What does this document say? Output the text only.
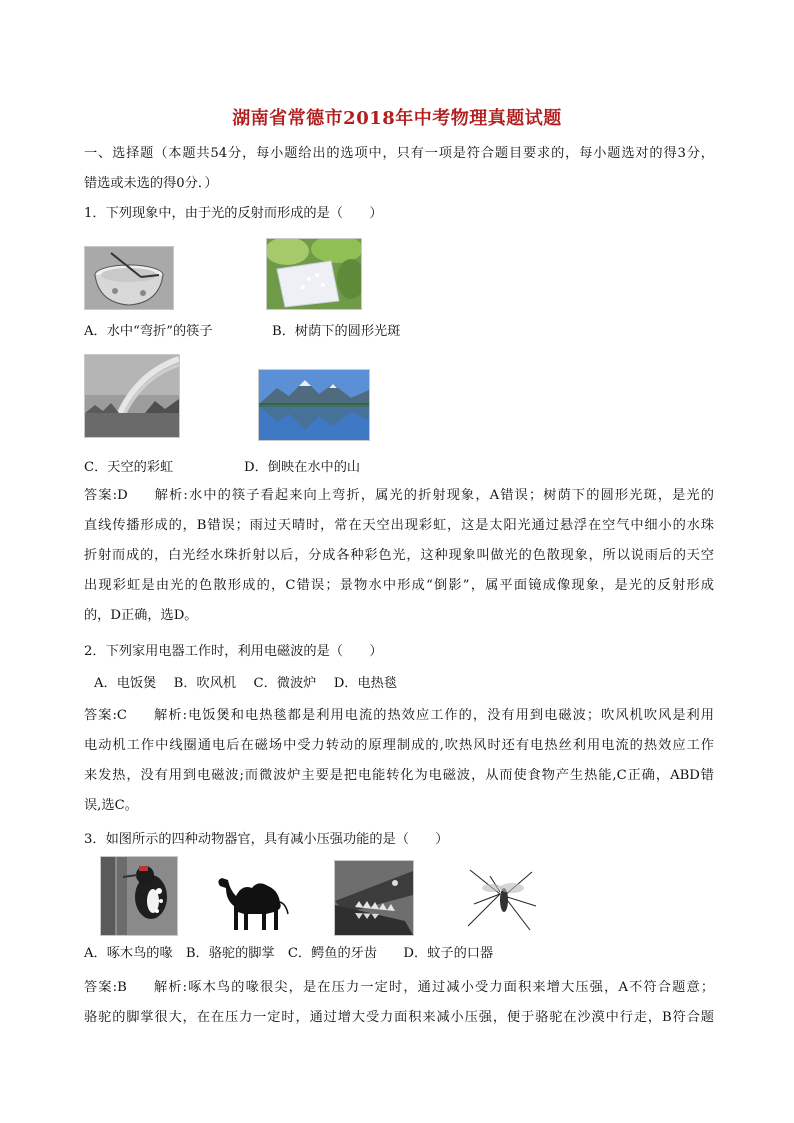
湖南省常德市2018年中考物理真题试题
一、选择题（本题共54分，每小题给出的选项中，只有一项是符合题目要求的，每小题选对的得3分，
错选或未选的得0分．）
1．下列现象中，由于光的反射而形成的是（　　）
A．水中“弯折”的筷子	B．树荫下的圆形光斑
C．天空的彩虹	D．倒映在水中的山
答案:D 解析:水中的筷子看起来向上弯折，属光的折射现象，A错误；树荫下的圆形光斑，是光的
直线传播形成的，B错误；雨过天晴时，常在天空出现彩虹，这是太阳光通过悬浮在空气中细小的水珠
折射而成的，白光经水珠折射以后，分成各种彩色光，这种现象叫做光的色散现象，所以说雨后的天空
出现彩虹是由光的色散形成的，C错误；景物水中形成“倒影”，属平面镜成像现象，是光的反射形成
的，D正确，选D。
2．下列家用电器工作时，利用电磁波的是（　　）
A．电饭煲　 B．吹风机　 C．微波炉　 D．电热毯
答案:C 解析:电饭煲和电热毯都是利用电流的热效应工作的，没有用到电磁波；吹风机吹风是利用
电动机工作中线圈通电后在磁场中受力转动的原理制成的,吹热风时还有电热丝利用电流的热效应工作
来发热，没有用到电磁波;而微波炉主要是把电能转化为电磁波，从而使食物产生热能,C正确，ABD错
误,选C。
3．如图所示的四种动物器官，具有减小压强功能的是（　　）
A．啄木鸟的喙　B．骆驼的脚掌　C．鳄鱼的牙齿　　D．蚊子的口器
答案:B 解析:啄木鸟的喙很尖，是在压力一定时，通过减小受力面积来增大压强，A不符合题意；
骆驼的脚掌很大，在在压力一定时，通过增大受力面积来减小压强，便于骆驼在沙漠中行走，B符合题
